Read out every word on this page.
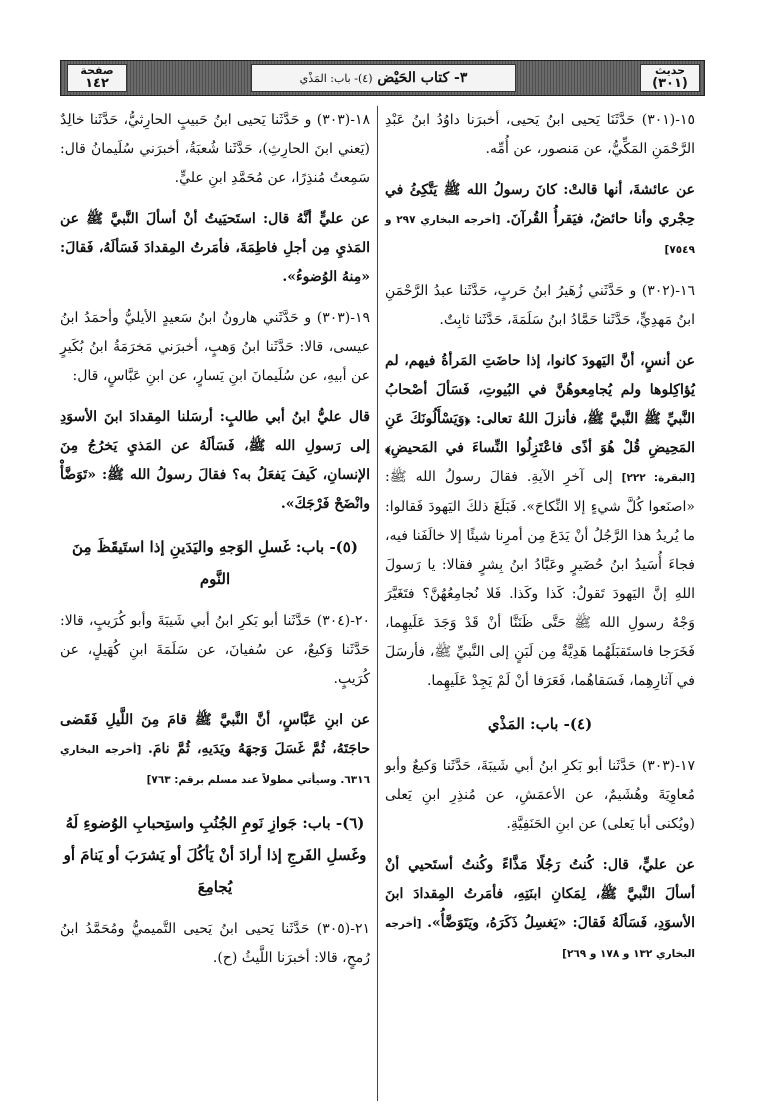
صفحة
١٤٢	٣- كتاب الحَيْض (٤)- باب: المَذْي
حديث
(٣٠١)

١٥-(٣٠١) حَدَّثَنَا يَحيى ابنُ يَحيى، أخبرَنا داوُدُ ابنُ عَبْدِ الرَّحْمَنِ المَكِّيُّ، عن مَنصور، عن أُمِّه.

عن عائشةَ، أنها قالتْ: كانَ رسولُ الله ﷺ يَتَّكِئُ في حِجْري وأنا حائضٌ، فيَقرأُ القُرآنَ. [أخرجه البخاري ٢٩٧ و ٧٥٤٩]

١٦-(٣٠٢) و حَدَّثَني زُهَيرُ ابنُ حَربٍ، حَدَّثَنا عبدُ الرَّحْمَنِ ابنُ مَهدِيٍّ، حَدَّثَنا حَمَّادُ ابنُ سَلَمَةَ، حَدَّثَنا ثابِتٌ.

عن أنسٍ، أنَّ اليَهودَ كانوا، إذا حاضَتِ المَرأةُ فيهم، لم يُؤاكِلوها ولم يُجامِعوهُنَّ في البُيوتِ، فَسَألَ أصْحابُ النَّبيِّ ﷺ النَّبيَّ ﷺ، فأنزلَ اللهُ تعالى: ﴿وَيَسْأَلُونَكَ عَنِ المَحِيضِ قُلْ هُوَ أذًى فاعْتَزِلُوا النِّساءَ في المَحيضِ﴾ [البقرة: ٢٢٢] إلى آخرِ الآيةِ. فقالَ رسولُ الله ﷺ: «اصنَعوا كُلَّ شيءٍ إلا النِّكاحَ». فَبَلَغَ ذلكَ اليَهودَ فَقالوا: ما يُريدُ هذا الرَّجُلُ أنْ يَدَعَ مِن أمرِنا شيئًا إلا خالَفَنا فيه، فجاءَ أُسَيدُ ابنُ حُضَيرٍ وعَبَّادُ ابنُ بِشرٍ فقالا: يا رَسولَ اللهِ إنَّ اليَهودَ تَقولُ: كَذا وكَذا. فَلا نُجامِعُهُنَّ؟ فتَغَيَّرَ وَجْهُ رسولِ الله ﷺ حَتَّى ظَنَنَّا أنْ قَدْ وَجَدَ عَلَيهِما، فَخَرَجا فاستَقبَلَهُما هَدِيَّةٌ مِن لَبَنٍ إلى النَّبيِّ ﷺ، فأرسَلَ في آثارِهِما، فَسَقاهُما، فَعَرَفا أنْ لَمْ يَجِدْ عَلَيهِما.

(٤)- باب: المَذْي

١٧-(٣٠٣) حَدَّثَنا أبو بَكرِ ابنُ أبي شَيبَةَ، حَدَّثَنا وَكيعٌ وأبو مُعاوِيَةَ وهُشَيمٌ، عن الأعمَشِ، عن مُنذِرِ ابنِ يَعلى (ويُكنى أبا يَعلى) عن ابنِ الحَنَفِيَّةِ.

عن عليٍّ، قال: كُنتُ رَجُلًا مَذَّاءً وكُنتُ أستَحيي أنْ أسألَ النَّبيَّ ﷺ، لِمَكانِ ابنَتِهِ، فأمَرتُ المِقدادَ ابنَ الأسوَدِ، فَسَألَهُ فَقالَ: «يَغسِلُ ذَكَرَهُ، ويَتَوَضَّأُ». [أخرجه البخاري ١٣٢ و ١٧٨ و ٢٦٩]

١٨-(٣٠٣) و حَدَّثَنا يَحيى ابنُ حَبيبٍ الحارِثيُّ، حَدَّثَنا خالِدٌ (يَعني ابنَ الحارِثِ)، حَدَّثَنا شُعبَةُ، أخبرَني سُلَيمانُ قال: سَمِعتُ مُنذِرًا، عن مُحَمَّدِ ابنِ عليٍّ.

عن عليٍّ أنَّهُ قال: استَحيَيتُ أنْ أسألَ النَّبيَّ ﷺ عن المَذيِ مِن أجلِ فاطِمَةَ، فأمَرتُ المِقدادَ فَسَألَهُ، فَقالَ: «مِنهُ الوُضوءُ».

١٩-(٣٠٣) و حَدَّثَني هارونُ ابنُ سَعيدٍ الأيليُّ وأحمَدُ ابنُ عيسى، قالا: حَدَّثَنا ابنُ وَهبٍ، أخبرَني مَخرَمَةُ ابنُ بُكَيرٍ عن أبيهِ، عن سُلَيمانَ ابنِ يَسارٍ، عن ابنِ عَبَّاسٍ، قال:

قال عليُّ ابنُ أبي طالبٍ: أرسَلنا المِقدادَ ابنَ الأسوَدِ إلى رَسولِ الله ﷺ، فَسَألَهُ عن المَذيِ يَخرُجُ مِنَ الإنسانِ، كَيفَ يَفعَلُ به؟ فقالَ رسولُ الله ﷺ: «تَوَضَّأْ وانْضَحْ فَرْجَكَ».

(٥)- باب: غَسلِ الوَجهِ واليَدَينِ إذا استَيقَظَ مِنَ النَّوم

٢٠-(٣٠٤) حَدَّثَنا أبو بَكرِ ابنُ أبي شَيبَةَ وأبو كُرَيبٍ، قالا: حَدَّثَنا وَكيعٌ، عن سُفيانَ، عن سَلَمَةَ ابنِ كُهَيلٍ، عن كُرَيبٍ.

عن ابنِ عَبَّاسٍ، أنَّ النَّبيَّ ﷺ قامَ مِنَ اللَّيلِ فَقَضى حاجَتَهُ، ثُمَّ غَسَلَ وَجهَهُ ويَدَيهِ، ثُمَّ نامَ. [أخرجه البخاري ٦٣١٦. وسيأتي مطولاً عند مسلم برقم: ٧٦٣]

(٦)- باب: جَوازِ نَومِ الجُنُبِ واستِحبابِ الوُضوءِ لَهُ وغَسلِ الفَرجِ إذا أرادَ أنْ يَأكُلَ أو يَشرَبَ أو يَنامَ أو يُجامِعَ

٢١-(٣٠٥) حَدَّثَنا يَحيى ابنُ يَحيى التَّميميُّ ومُحَمَّدُ ابنُ رُمحٍ، قالا: أخبرَنا اللَّيثُ (ح).
